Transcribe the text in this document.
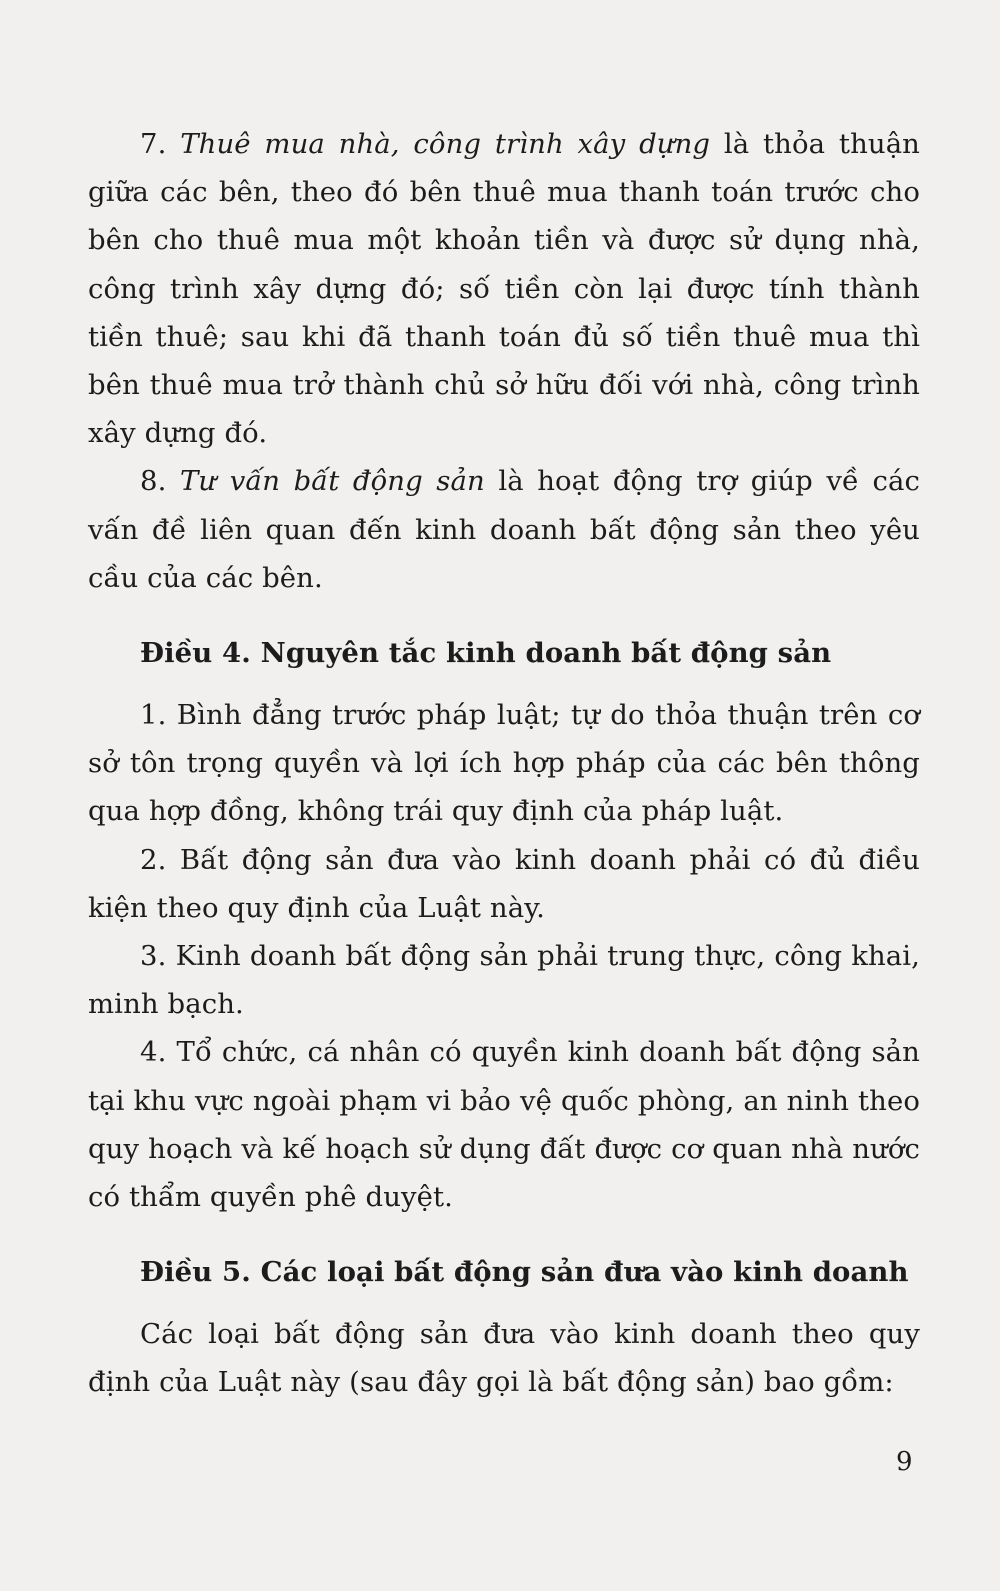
7. Thuê mua nhà, công trình xây dựng là thỏa thuận giữa các bên, theo đó bên thuê mua thanh toán trước cho bên cho thuê mua một khoản tiền và được sử dụng nhà, công trình xây dựng đó; số tiền còn lại được tính thành tiền thuê; sau khi đã thanh toán đủ số tiền thuê mua thì bên thuê mua trở thành chủ sở hữu đối với nhà, công trình xây dựng đó.

8. Tư vấn bất động sản là hoạt động trợ giúp về các vấn đề liên quan đến kinh doanh bất động sản theo yêu cầu của các bên.

Điều 4. Nguyên tắc kinh doanh bất động sản

1. Bình đẳng trước pháp luật; tự do thỏa thuận trên cơ sở tôn trọng quyền và lợi ích hợp pháp của các bên thông qua hợp đồng, không trái quy định của pháp luật.

2. Bất động sản đưa vào kinh doanh phải có đủ điều kiện theo quy định của Luật này.

3. Kinh doanh bất động sản phải trung thực, công khai, minh bạch.

4. Tổ chức, cá nhân có quyền kinh doanh bất động sản tại khu vực ngoài phạm vi bảo vệ quốc phòng, an ninh theo quy hoạch và kế hoạch sử dụng đất được cơ quan nhà nước có thẩm quyền phê duyệt.

Điều 5. Các loại bất động sản đưa vào kinh doanh

Các loại bất động sản đưa vào kinh doanh theo quy định của Luật này (sau đây gọi là bất động sản) bao gồm:

9
